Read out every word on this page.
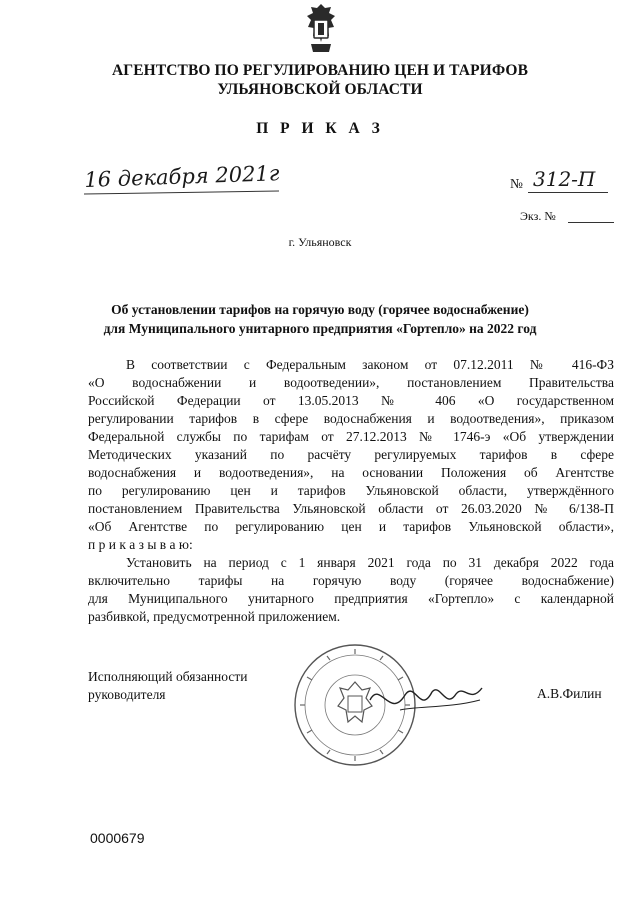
АГЕНТСТВО ПО РЕГУЛИРОВАНИЮ ЦЕН И ТАРИФОВ
УЛЬЯНОВСКОЙ ОБЛАСТИ
П Р И К А З
16 декабря 2021г	№ 312-П
Экз. №
г. Ульяновск
Об установлении тарифов на горячую воду (горячее водоснабжение)
для Муниципального унитарного предприятия «Гортепло» на 2022 год
В соответствии с Федеральным законом от 07.12.2011 № 416-ФЗ
«О водоснабжении и водоотведении», постановлением Правительства
Российской Федерации от 13.05.2013 № 406 «О государственном
регулировании тарифов в сфере водоснабжения и водоотведения», приказом
Федеральной службы по тарифам от 27.12.2013 № 1746-э «Об утверждении
Методических указаний по расчёту регулируемых тарифов в сфере
водоснабжения и водоотведения», на основании Положения об Агентстве
по регулированию цен и тарифов Ульяновской области, утверждённого
постановлением Правительства Ульяновской области от 26.03.2020 № 6/138-П
«Об Агентстве по регулированию цен и тарифов Ульяновской области»,
п р и к а з ы в а ю:
Установить на период с 1 января 2021 года по 31 декабря 2022 года
включительно тарифы на горячую воду (горячее водоснабжение)
для Муниципального унитарного предприятия «Гортепло» с календарной
разбивкой, предусмотренной приложением.
Исполняющий обязанности
руководителя	А.В.Филин
0000679
